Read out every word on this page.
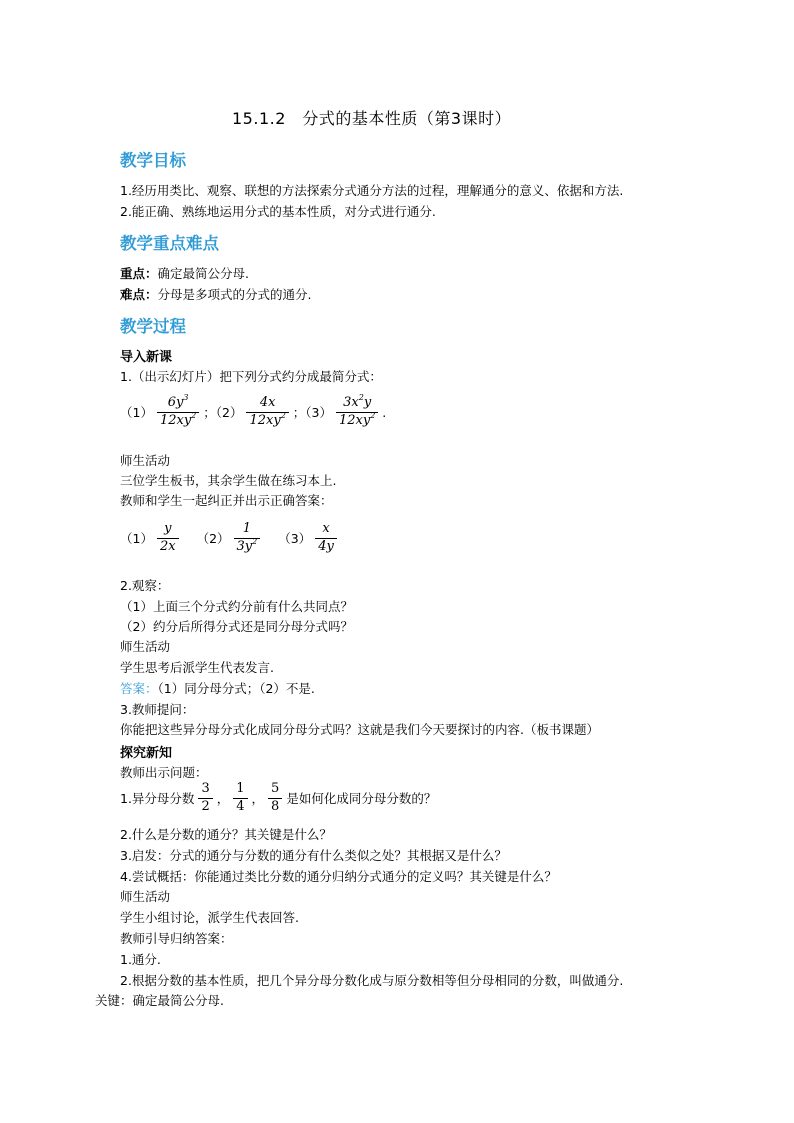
15.1.2　分式的基本性质（第3课时）
教学目标
1.经历用类比、观察、联想的方法探索分式通分方法的过程，理解通分的意义、依据和方法.
2.能正确、熟练地运用分式的基本性质，对分式进行通分.
教学重点难点
重点：确定最简公分母.
难点：分母是多项式的分式的通分.
教学过程
导入新课
1.（出示幻灯片）把下列分式约分成最简分式：
$(1) \frac{6y^3}{12xy^2}$ ；$(2) \frac{4x}{12xy^2}$ ；$(3) \frac{3x^2y}{12xy^2}$ .
师生活动
三位学生板书，其余学生做在练习本上.
教师和学生一起纠正并出示正确答案：
$(1) \frac{y}{2x} (2) \frac{1}{3y^2} (3) \frac{x}{4y}$
2.观察：
（1）上面三个分式约分前有什么共同点？
（2）约分后所得分式还是同分母分式吗？
师生活动
学生思考后派学生代表发言.
答案：（1）同分母分式；（2）不是.
3.教师提问：
你能把这些异分母分式化成同分母分式吗？这就是我们今天要探讨的内容.（板书课题）
探究新知
教师出示问题：
1.异分母分数 $\frac{3}{2}$ ， $\frac{1}{4}$ ， $\frac{5}{8}$ 是如何化成同分母分数的？
2.什么是分数的通分？其关键是什么？
3.启发：分式的通分与分数的通分有什么类似之处？其根据又是什么？
4.尝试概括：你能通过类比分数的通分归纳分式通分的定义吗？其关键是什么？
师生活动
学生小组讨论，派学生代表回答.
教师引导归纳答案：
1.通分.
2.根据分数的基本性质，把几个异分母分数化成与原分数相等但分母相同的分数，叫做通分.
关键：确定最简公分母.
